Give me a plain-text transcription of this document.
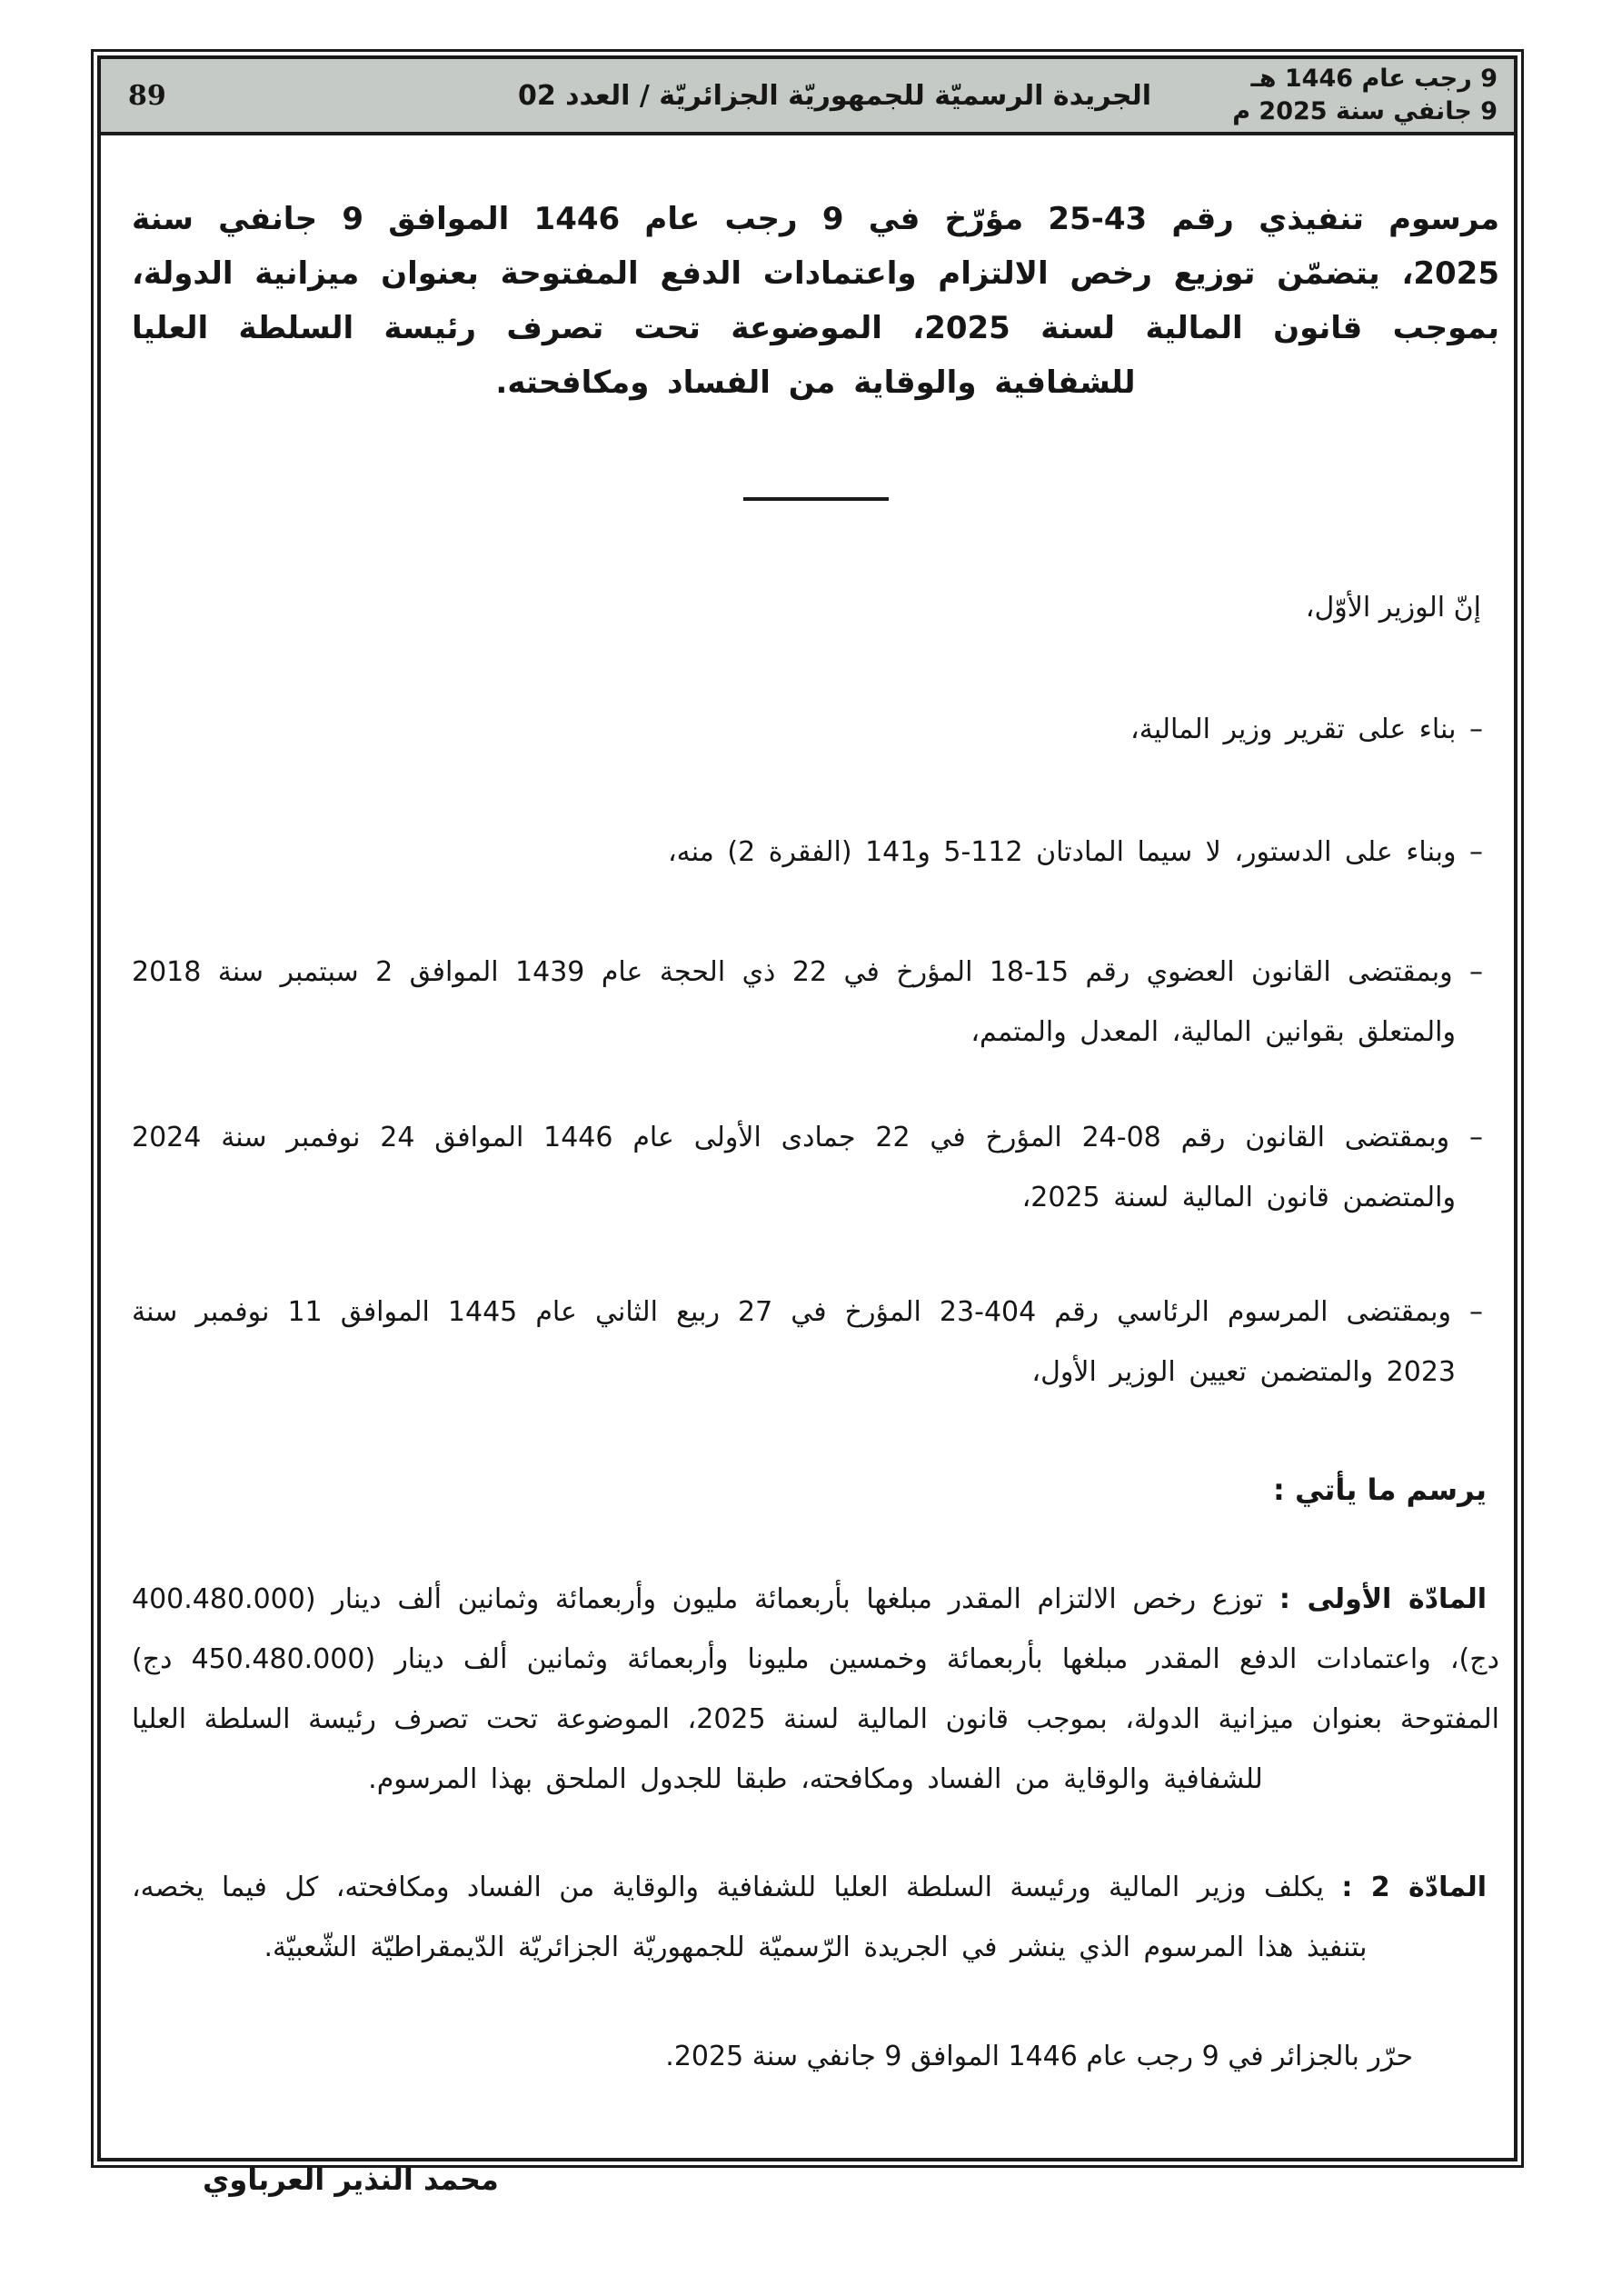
9 رجب عام 1446 هـ
9 جانفي سنة 2025 م
الجريدة الرسميّة للجمهوريّة الجزائريّة / العدد 02
89

مرسوم تنفيذي رقم 43-25 مؤرّخ في 9 رجب عام 1446 الموافق 9 جانفي سنة 2025، يتضمّن توزيع رخص الالتزام واعتمادات الدفع المفتوحة بعنوان ميزانية الدولة، بموجب قانون المالية لسنة 2025، الموضوعة تحت تصرف رئيسة السلطة العليا للشفافية والوقاية من الفساد ومكافحته.

إنّ الوزير الأوّل،

– بناء على تقرير وزير المالية،

– وبناء على الدستور، لا سيما المادتان 112-5 و141 (الفقرة 2) منه،

– وبمقتضى القانون العضوي رقم 15-18 المؤرخ في 22 ذي الحجة عام 1439 الموافق 2 سبتمبر سنة 2018 والمتعلق بقوانين المالية، المعدل والمتمم،

– وبمقتضى القانون رقم 08-24 المؤرخ في 22 جمادى الأولى عام 1446 الموافق 24 نوفمبر سنة 2024 والمتضمن قانون المالية لسنة 2025،

– وبمقتضى المرسوم الرئاسي رقم 404-23 المؤرخ في 27 ربيع الثاني عام 1445 الموافق 11 نوفمبر سنة 2023 والمتضمن تعيين الوزير الأول،

يرسم ما يأتي :

المادّة الأولى : توزع رخص الالتزام المقدر مبلغها بأربعمائة مليون وأربعمائة وثمانين ألف دينار (400.480.000 دج)، واعتمادات الدفع المقدر مبلغها بأربعمائة وخمسين مليونا وأربعمائة وثمانين ألف دينار (450.480.000 دج) المفتوحة بعنوان ميزانية الدولة، بموجب قانون المالية لسنة 2025، الموضوعة تحت تصرف رئيسة السلطة العليا للشفافية والوقاية من الفساد ومكافحته، طبقا للجدول الملحق بهذا المرسوم.

المادّة 2 : يكلف وزير المالية ورئيسة السلطة العليا للشفافية والوقاية من الفساد ومكافحته، كل فيما يخصه، بتنفيذ هذا المرسوم الذي ينشر في الجريدة الرّسميّة للجمهوريّة الجزائريّة الدّيمقراطيّة الشّعبيّة.

حرّر بالجزائر في 9 رجب عام 1446 الموافق 9 جانفي سنة 2025.

محمد النذير العرباوي
